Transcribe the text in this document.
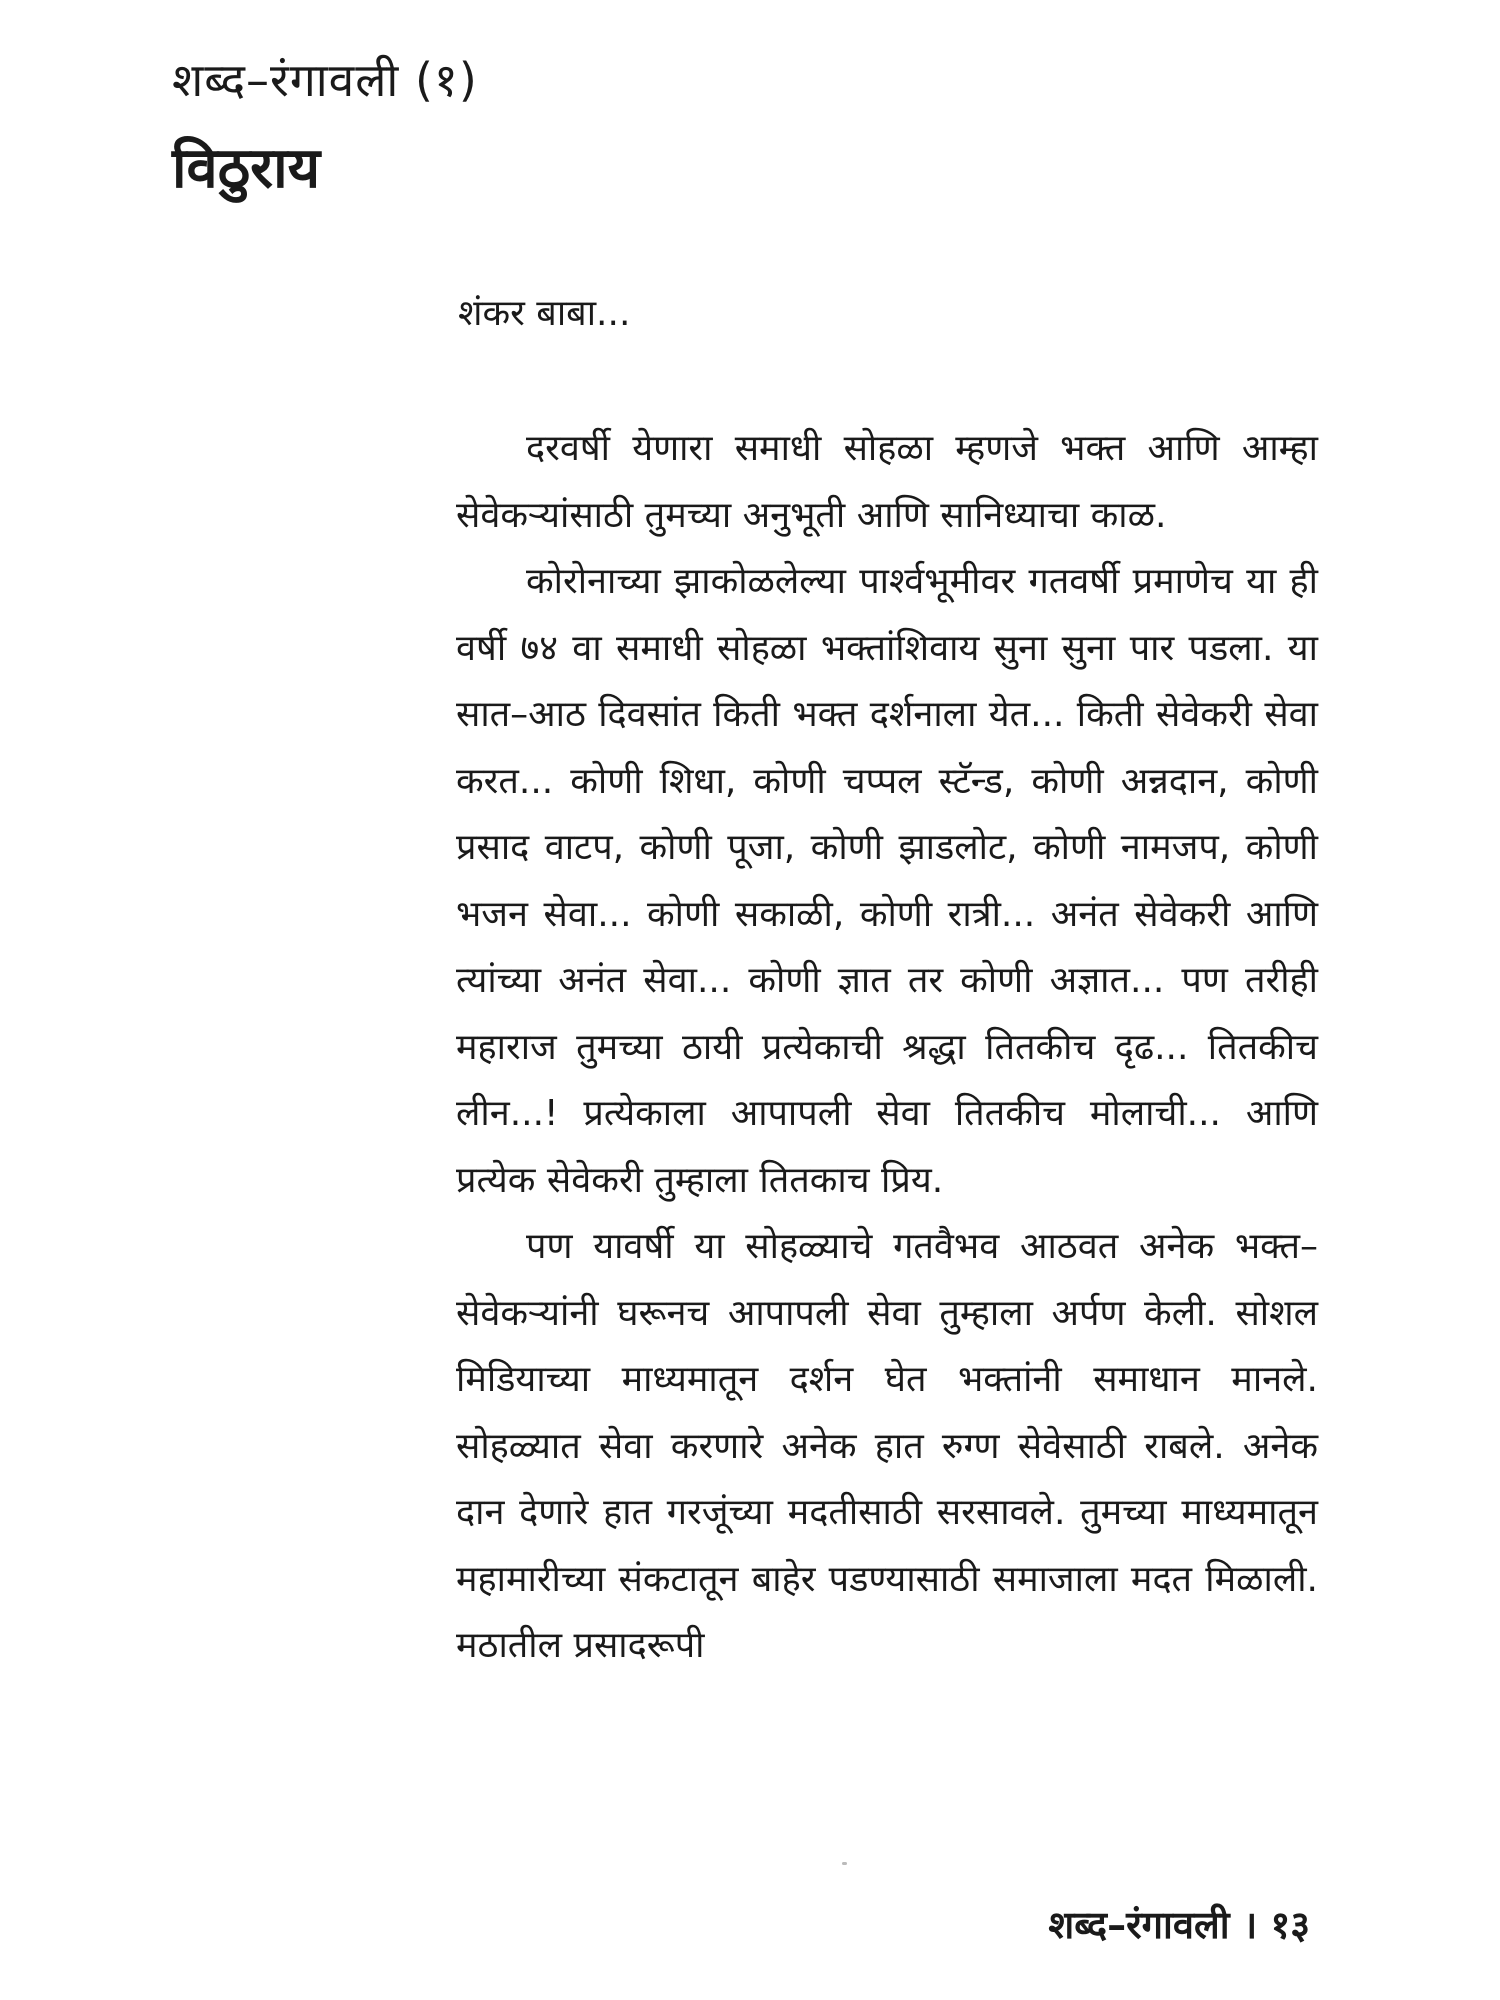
शब्द–रंगावली (१)
विठुराय
शंकर बाबा...

दरवर्षी येणारा समाधी सोहळा म्हणजे भक्त आणि आम्हा सेवेकऱ्यांसाठी तुमच्या अनुभूती आणि सानिध्याचा काळ.

कोरोनाच्या झाकोळलेल्या पार्श्वभूमीवर गतवर्षी प्रमाणेच या ही वर्षी ७४ वा समाधी सोहळा भक्तांशिवाय सुना सुना पार पडला. या सात–आठ दिवसांत किती भक्त दर्शनाला येत... किती सेवेकरी सेवा करत... कोणी शिधा, कोणी चप्पल स्टॅन्ड, कोणी अन्नदान, कोणी प्रसाद वाटप, कोणी पूजा, कोणी झाडलोट, कोणी नामजप, कोणी भजन सेवा... कोणी सकाळी, कोणी रात्री... अनंत सेवेकरी आणि त्यांच्या अनंत सेवा... कोणी ज्ञात तर कोणी अज्ञात... पण तरीही महाराज तुमच्या ठायी प्रत्येकाची श्रद्धा तितकीच दृढ... तितकीच लीन...! प्रत्येकाला आपापली सेवा तितकीच मोलाची... आणि प्रत्येक सेवेकरी तुम्हाला तितकाच प्रिय.

पण यावर्षी या सोहळ्याचे गतवैभव आठवत अनेक भक्त–सेवेकऱ्यांनी घरूनच आपापली सेवा तुम्हाला अर्पण केली. सोशल मिडियाच्या माध्यमातून दर्शन घेत भक्तांनी समाधान मानले. सोहळ्यात सेवा करणारे अनेक हात रुग्ण सेवेसाठी राबले. अनेक दान देणारे हात गरजूंच्या मदतीसाठी सरसावले. तुमच्या माध्यमातून महामारीच्या संकटातून बाहेर पडण्यासाठी समाजाला मदत मिळाली. मठातील प्रसादरूपी

शब्द–रंगावली । १३
